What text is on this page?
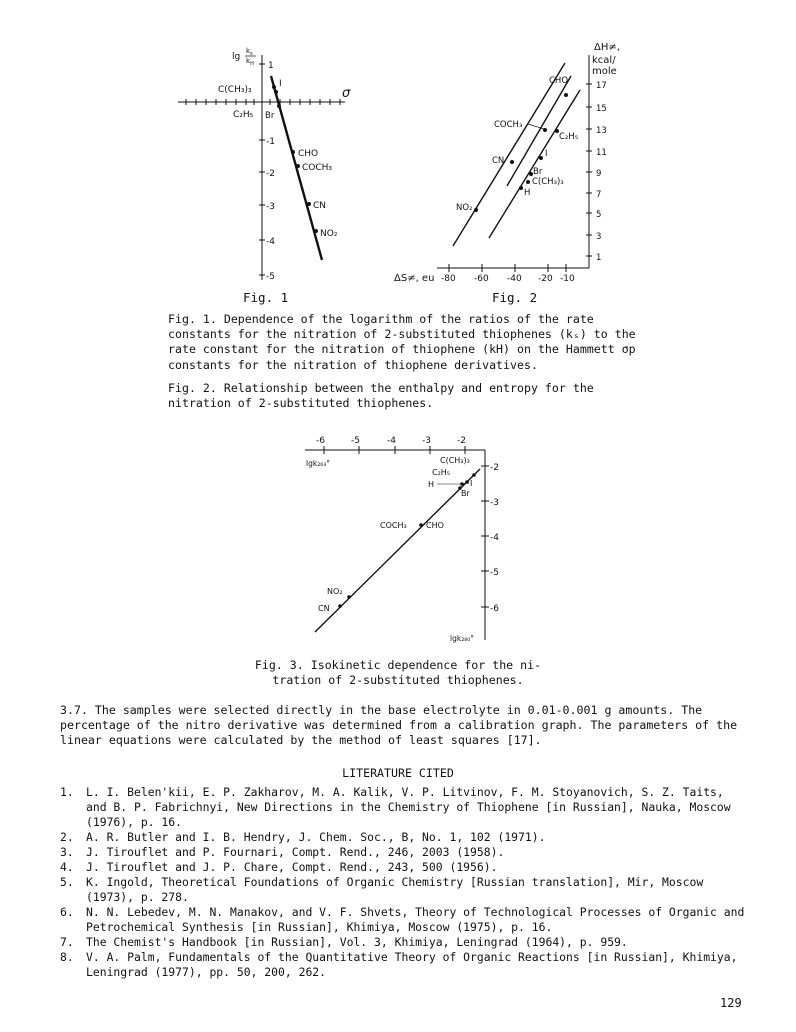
1
-1
-2
-3
-4
-5
lg
$k_s$
$k_H$
σ
C(CH₃)₃
I
C₂H₅ Br
CHO
COCH₃
CN
NO₂
Fig. 1
17
15
13
11
9
7
5
3
1
ΔH≠,
kcal/
mole
ΔS≠, eu -80 -60 -40 -20 -10
CHO
COCH₃
C₂H₅
I
CN
Br
C(CH₃)₃
H
NO₂
Fig. 2

Fig. 1. Dependence of the logarithm of the ratios of the rate constants for the nitration of 2-substituted thiophenes (kₛ) to the rate constant for the nitration of thiophene (kH) on the Hammett σp constants for the nitration of thiophene derivatives.

Fig. 2. Relationship between the enthalpy and entropy for the nitration of 2-substituted thiophenes.

-6	-5	-4	-3	-2
-2
-3
-4
-5
-6
lgk₂₆₃°
lgk₂₈₀°
C(CH₃)₃
C₂H₅
H	I
Br
COCH₃ CHO
NO₂
CN
Fig. 3. Isokinetic dependence for the ni-
tration of 2-substituted thiophenes.
3.7. The samples were selected directly in the base electrolyte in 0.01-0.001 g amounts. The percentage of the nitro derivative was determined from a calibration graph. The parameters of the linear equations were calculated by the method of least squares [17].
LITERATURE CITED
1. L. I. Belen'kii, E. P. Zakharov, M. A. Kalik, V. P. Litvinov, F. M. Stoyanovich, S. Z. Taits, and B. P. Fabrichnyi, New Directions in the Chemistry of Thiophene [in Russian], Nauka, Moscow (1976), p. 16.
2. A. R. Butler and I. B. Hendry, J. Chem. Soc., B, No. 1, 102 (1971).
3. J. Tirouflet and P. Fournari, Compt. Rend., 246, 2003 (1958).
4. J. Tirouflet and J. P. Chare, Compt. Rend., 243, 500 (1956).
5. K. Ingold, Theoretical Foundations of Organic Chemistry [Russian translation], Mir, Moscow (1973), p. 278.
6. N. N. Lebedev, M. N. Manakov, and V. F. Shvets, Theory of Technological Processes of Organic and Petrochemical Synthesis [in Russian], Khimiya, Moscow (1975), p. 16.
7. The Chemist's Handbook [in Russian], Vol. 3, Khimiya, Leningrad (1964), p. 959.
8. V. A. Palm, Fundamentals of the Quantitative Theory of Organic Reactions [in Russian], Khimiya, Leningrad (1977), pp. 50, 200, 262.
129
